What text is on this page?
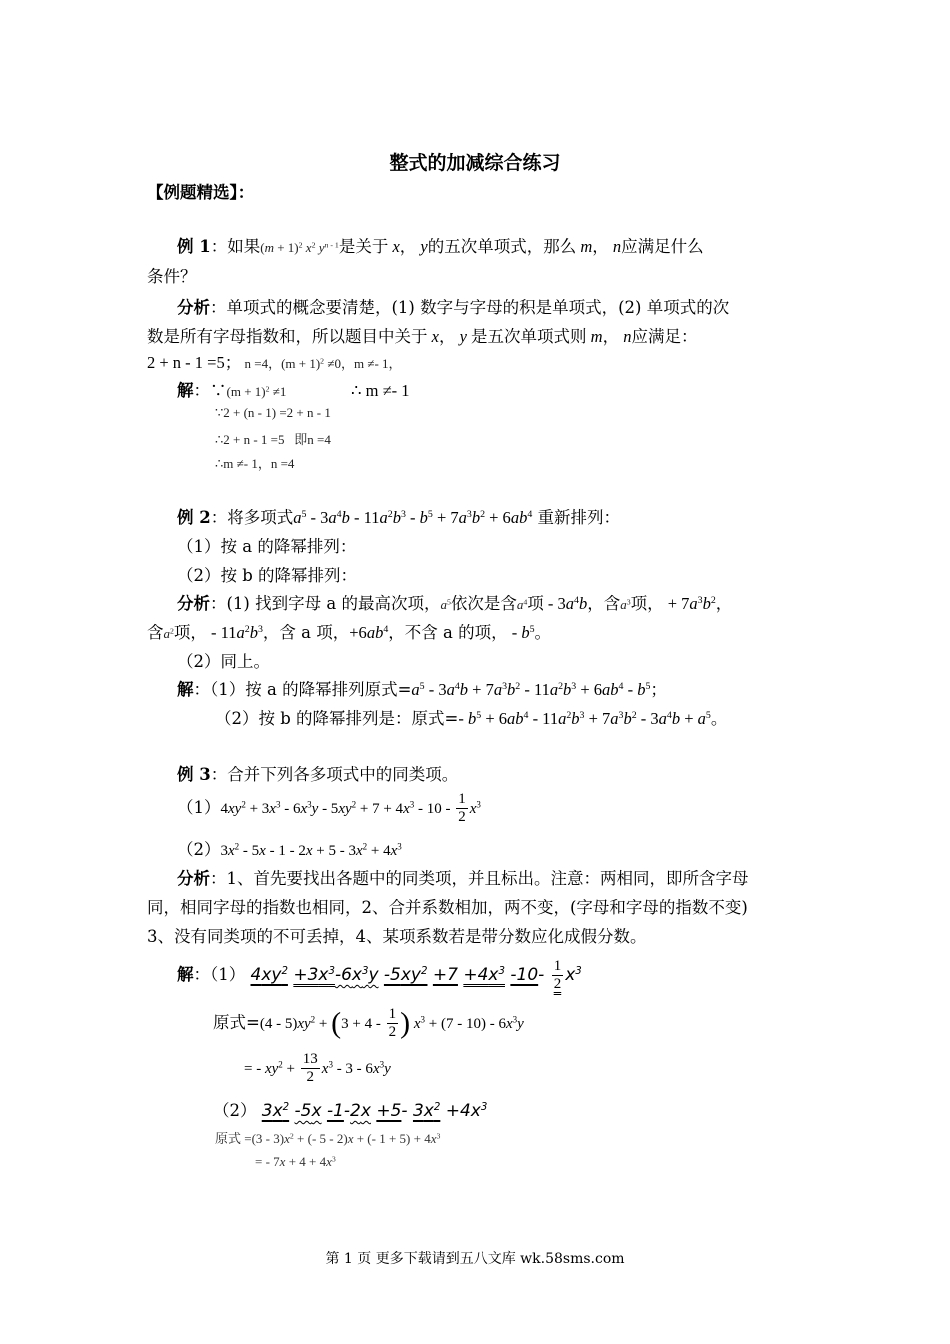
整式的加减综合练习
【例题精选】：
例 1：如果$(m + 1)^2$ $x^2$ $y^{n - 1}$是关于 x， y的五次单项式，那么 m， n应满足什么
条件？
分析：单项式的概念要清楚，(1) 数字与字母的积是单项式，(2) 单项式的次
数是所有字母指数和，所以题目中关于 x， y 是五次单项式则 m， n应满足：
2 + n - 1 =5； n =4，$(m + 1)^2 \ne 0$，m ≠- 1，
解：∵(m + 1)$^2$ ≠1	∴ m ≠- 1
∵2 + (n - 1) =2 + n - 1
∴2 + n - 1 =5 即n =4
∴m ≠- 1，n =4
例 2：将多项式$a^5 - 3a^4b - 11a^2b^3 - b^5 + 7a^3b^2 + 6ab^4$ 重新排列：
（1）按 a 的降幂排列：
（2）按 b 的降幂排列：
分析：(1) 找到字母 a 的最高次项，$a^5$依次是含$a^4$项 - $3a^4b$，含$a^3$项， + $7a^3b^2$，
含$a^2$项， - $11a^2b^3$，含 a 项，$+6ab^4$，不含 a 的项， - $b^5$。
（2）同上。
解：（1）按 a 的降幂排列原式$=a^5 - 3a^4b + 7a^3b^2 - 11a^2b^3 + 6ab^4 - b^5$；
（2）按 b 的降幂排列是：原式=- $b^5 + 6ab^4 - 11a^2b^3 + 7a^3b^2 - 3a^4b + a^5$。
例 3：合并下列各多项式中的同类项。
$(1)4xy^2 + 3x^3 - 6x^3y - 5xy^2 + 7 + 4x^3 - 10 - \frac{1}{2} x^3$
$(2)3x^2 - 5x - 1 - 2x + 5 - 3x^2 + 4x^3$
分析：1、首先要找出各题中的同类项，并且标出。注意：两相同，即所含字母
同，相同字母的指数也相同，2、合并系数相加，两不变，(字母和字母的指数不变)
3、没有同类项的不可丢掉，4、某项系数若是带分数应化成假分数。
解：（1） $4xy^2 +3x^3-6x^3y$ $-5xy^2 +7 +4x^3$ $-10- \frac{1}{2} x^3$
原式$=(4 - 5)xy^2 + (3 + 4 - \frac{1}{2}$ ) $x^3 + (7 - 10) - 6x^3y$
= - $xy^2 + \frac{13}{2} x^3 - 3 - 6x^3y$
（2） $3x^2$ -5x -1-2x +5- $3x^2 +4x^3$
原式 $=(3 - 3)x^2$ + (- 5 - 2)x + (- $1 + 5) + 4x^3$
= - $7x + 4 + 4x^3$
第 1 页 更多下载请到五八文库 wk.58sms.com
